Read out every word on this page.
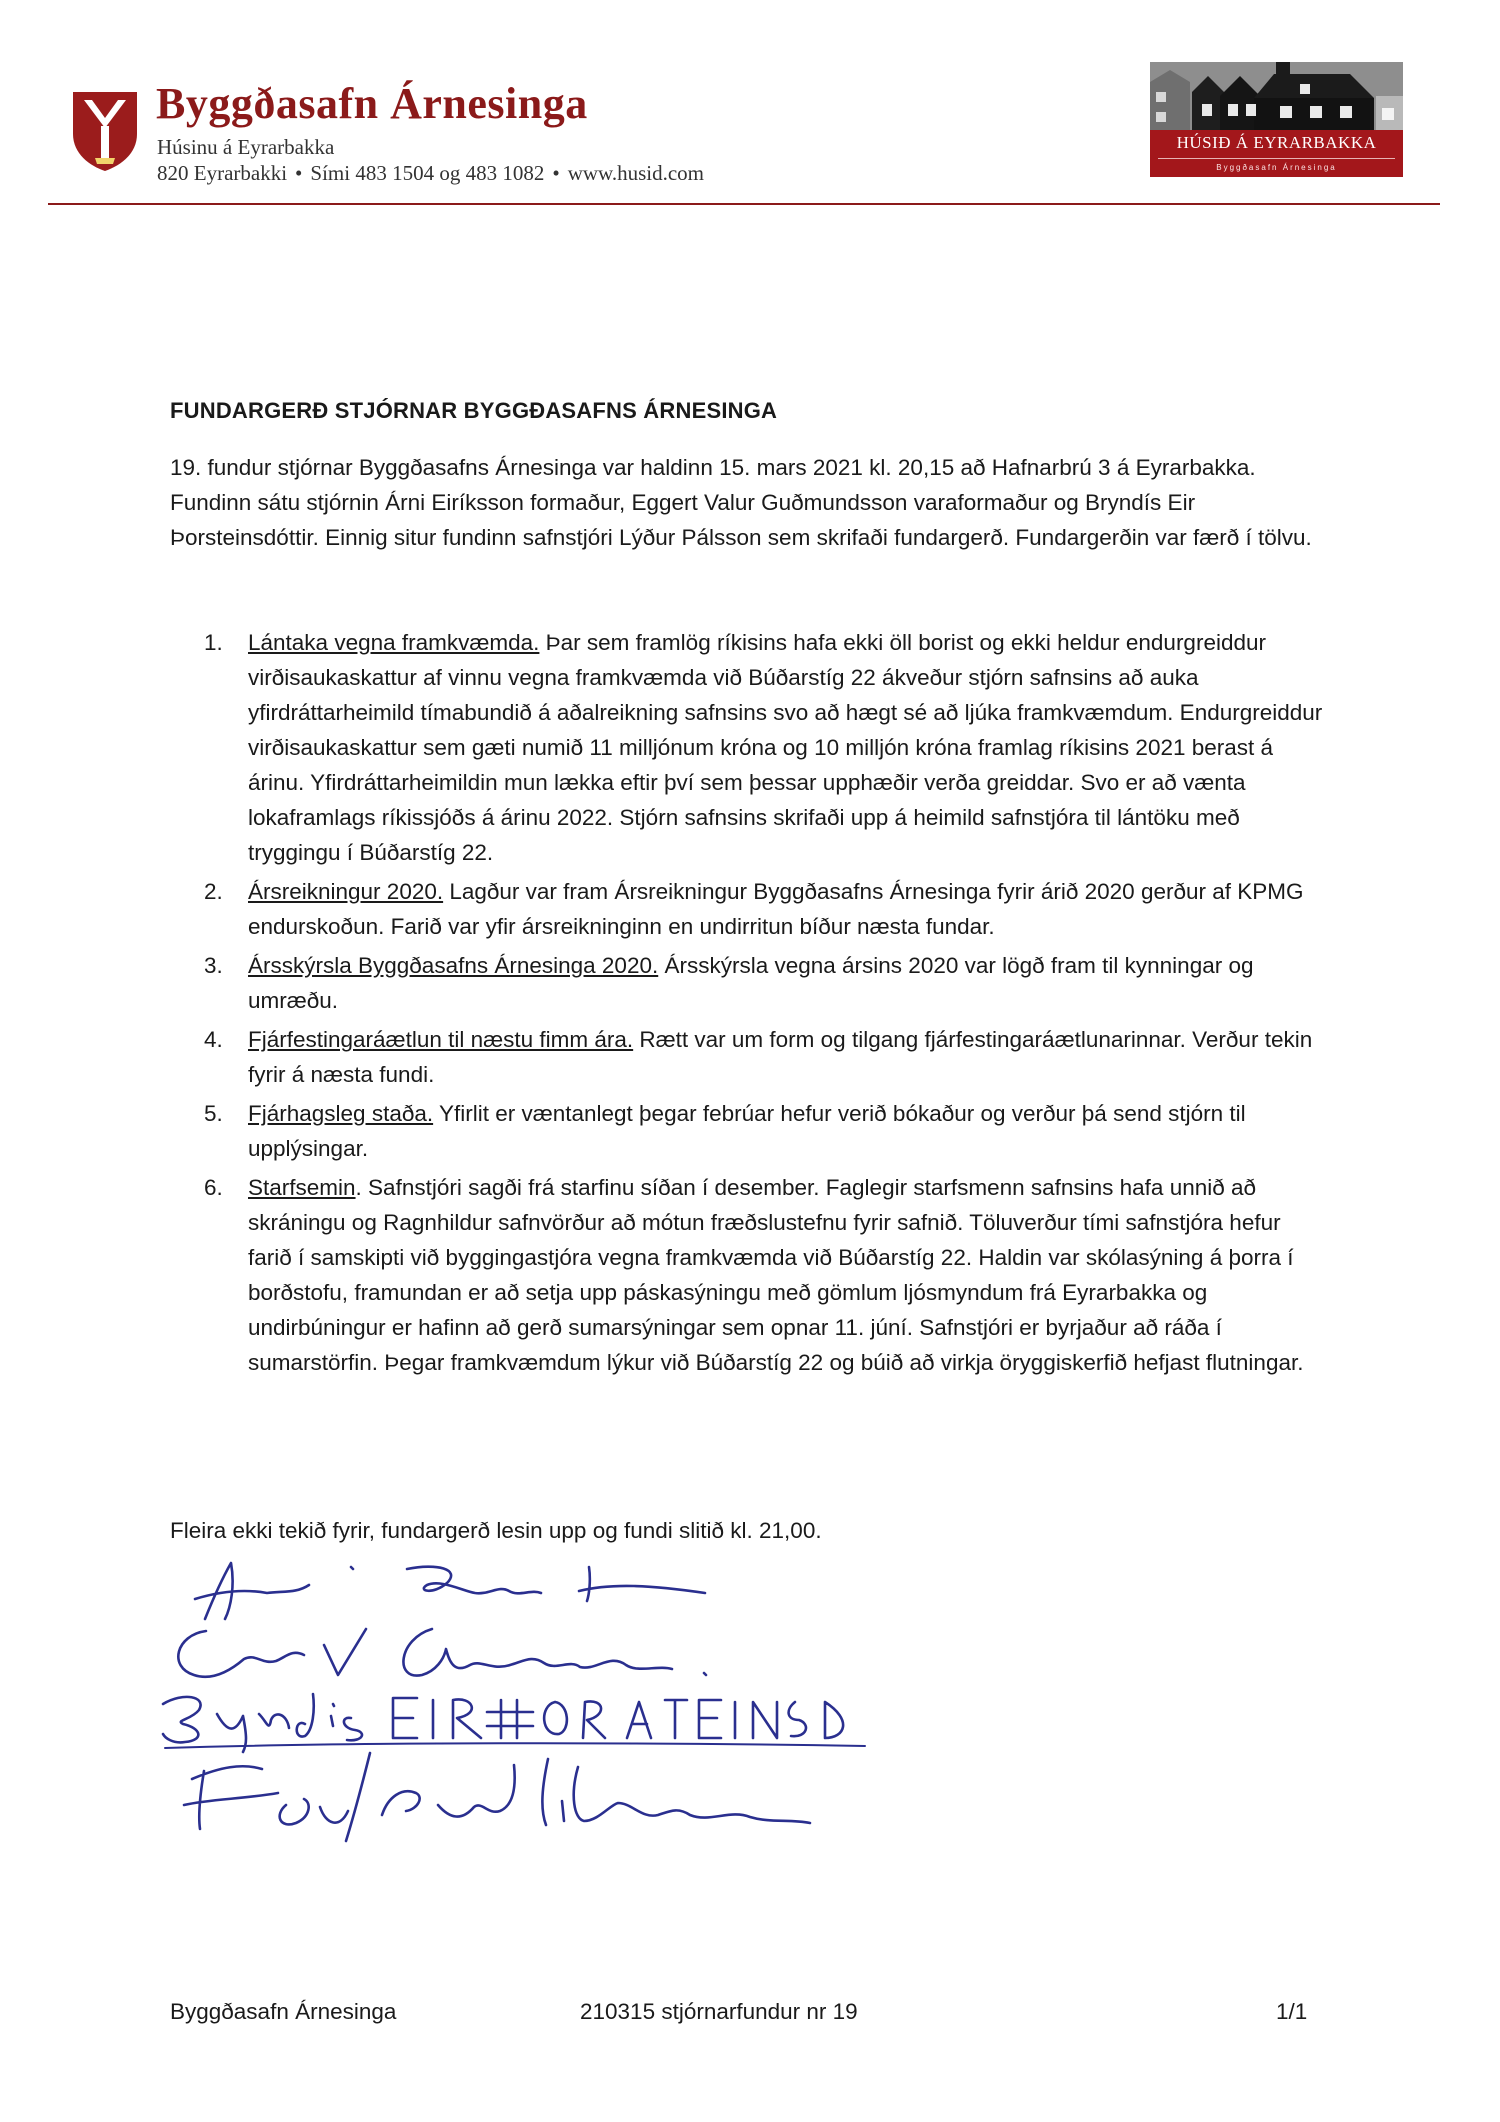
Byggðasafn Árnesinga
Húsinu á Eyrarbakka
820 Eyrarbakki • Sími 483 1504 og 483 1082 • www.husid.com
HÚSIÐ Á EYRARBAKKA
Byggðasafn Árnesinga
FUNDARGERÐ STJÓRNAR BYGGÐASAFNS ÁRNESINGA

19. fundur stjórnar Byggðasafns Árnesinga var haldinn 15. mars 2021 kl. 20,15 að Hafnarbrú 3 á Eyrarbakka. Fundinn sátu stjórnin Árni Eiríksson formaður, Eggert Valur Guðmundsson varaformaður og Bryndís Eir Þorsteinsdóttir. Einnig situr fundinn safnstjóri Lýður Pálsson sem skrifaði fundargerð. Fundargerðin var færð í tölvu.

1. Lántaka vegna framkvæmda. Þar sem framlög ríkisins hafa ekki öll borist og ekki heldur endurgreiddur virðisaukaskattur af vinnu vegna framkvæmda við Búðarstíg 22 ákveður stjórn safnsins að auka yfirdráttarheimild tímabundið á aðalreikning safnsins svo að hægt sé að ljúka framkvæmdum. Endurgreiddur virðisaukaskattur sem gæti numið 11 milljónum króna og 10 milljón króna framlag ríkisins 2021 berast á árinu. Yfirdráttarheimildin mun lækka eftir því sem þessar upphæðir verða greiddar. Svo er að vænta lokaframlags ríkissjóðs á árinu 2022. Stjórn safnsins skrifaði upp á heimild safnstjóra til lántöku með tryggingu í Búðarstíg 22.
2. Ársreikningur 2020. Lagður var fram Ársreikningur Byggðasafns Árnesinga fyrir árið 2020 gerður af KPMG endurskoðun. Farið var yfir ársreikninginn en undirritun bíður næsta fundar.
3. Ársskýrsla Byggðasafns Árnesinga 2020. Ársskýrsla vegna ársins 2020 var lögð fram til kynningar og umræðu.
4. Fjárfestingaráætlun til næstu fimm ára. Rætt var um form og tilgang fjárfestingaráætlunarinnar. Verður tekin fyrir á næsta fundi.
5. Fjárhagsleg staða. Yfirlit er væntanlegt þegar febrúar hefur verið bókaður og verður þá send stjórn til upplýsingar.
6. Starfsemin. Safnstjóri sagði frá starfinu síðan í desember. Faglegir starfsmenn safnsins hafa unnið að skráningu og Ragnhildur safnvörður að mótun fræðslustefnu fyrir safnið. Töluverður tími safnstjóra hefur farið í samskipti við byggingastjóra vegna framkvæmda við Búðarstíg 22. Haldin var skólasýning á þorra í borðstofu, framundan er að setja upp páskasýningu með gömlum ljósmyndum frá Eyrarbakka og undirbúningur er hafinn að gerð sumarsýningar sem opnar 11. júní. Safnstjóri er byrjaður að ráða í sumarstörfin. Þegar framkvæmdum lýkur við Búðarstíg 22 og búið að virkja öryggiskerfið hefjast flutningar.
Fleira ekki tekið fyrir, fundargerð lesin upp og fundi slitið kl. 21,00.
Byggðasafn Árnesinga	210315 stjórnarfundur nr 19	1/1
